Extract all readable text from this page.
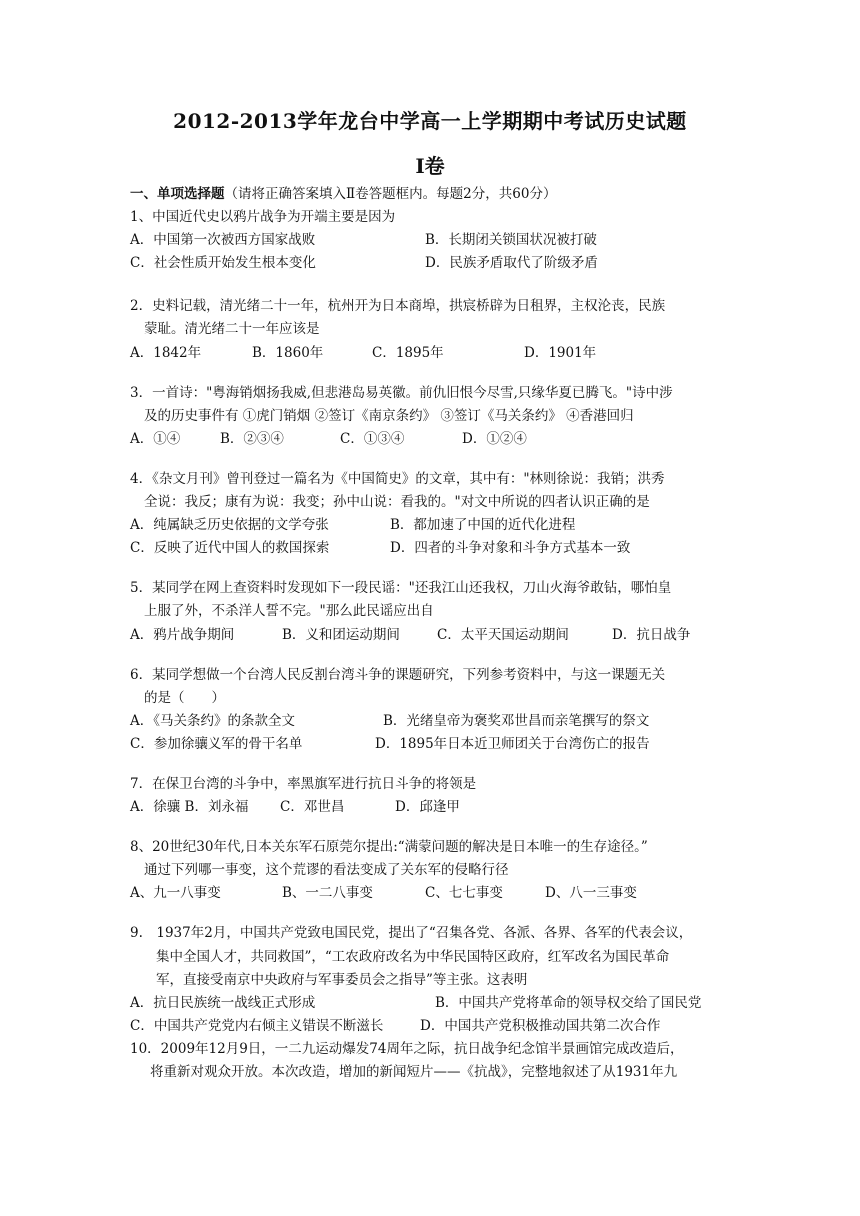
2012-2013学年龙台中学高一上学期期中考试历史试题
Ⅰ卷
一、单项选择题（请将正确答案填入Ⅱ卷答题框内。每题2分，共60分）
1、中国近代史以鸦片战争为开端主要是因为
A．中国第一次被西方国家战败	B．长期闭关锁国状况被打破
C．社会性质开始发生根本变化	D．民族矛盾取代了阶级矛盾
2．史料记载，清光绪二十一年，杭州开为日本商埠，拱宸桥辟为日租界，主权沦丧，民族
蒙耻。清光绪二十一年应该是
A．1842年	B．1860年	C．1895年	D．1901年
3．一首诗："粤海销烟扬我威,但悲港岛易英徽。前仇旧恨今尽雪,只缘华夏已腾飞。"诗中涉
及的历史事件有 ①虎门销烟 ②签订《南京条约》 ③签订《马关条约》 ④香港回归
A．①④	B．②③④	C．①③④	D．①②④
4．《杂文月刊》曾刊登过一篇名为《中国简史》的文章，其中有："林则徐说：我销；洪秀
全说：我反；康有为说：我变；孙中山说：看我的。"对文中所说的四者认识正确的是
A．纯属缺乏历史依据的文学夸张	B．都加速了中国的近代化进程
C．反映了近代中国人的救国探索	D．四者的斗争对象和斗争方式基本一致
5．某同学在网上查资料时发现如下一段民谣："还我江山还我权，刀山火海爷敢钻，哪怕皇
上服了外，不杀洋人誓不完。"那么此民谣应出自
A．鸦片战争期间	B．义和团运动期间	C．太平天国运动期间	D．抗日战争
6．某同学想做一个台湾人民反割台湾斗争的课题研究，下列参考资料中，与这一课题无关
的是（　　）
A．《马关条约》的条款全文	B．光绪皇帝为褒奖邓世昌而亲笔撰写的祭文
C．参加徐骧义军的骨干名单	D．1895年日本近卫师团关于台湾伤亡的报告
7．在保卫台湾的斗争中，率黑旗军进行抗日斗争的将领是
A．徐骧 B．刘永福	C．邓世昌	D．邱逢甲
8、20世纪30年代,日本关东军石原莞尔提出:“满蒙问题的解决是日本唯一的生存途径。”
通过下列哪一事变，这个荒谬的看法变成了关东军的侵略行径
A、九一八事变	B、一二八事变	C、七七事变	D、八一三事变
9.　1937年2月，中国共产党致电国民党，提出了“召集各党、各派、各界、各军的代表会议，
集中全国人才，共同救国”，“工农政府改名为中华民国特区政府，红军改名为国民革命
军，直接受南京中央政府与军事委员会之指导”等主张。这表明
A．抗日民族统一战线正式形成	B．中国共产党将革命的领导权交给了国民党
C．中国共产党党内右倾主义错误不断滋长	D．中国共产党积极推动国共第二次合作
10．2009年12月9日，一二九运动爆发74周年之际，抗日战争纪念馆半景画馆完成改造后，
将重新对观众开放。本次改造，增加的新闻短片——《抗战》，完整地叙述了从1931年九
